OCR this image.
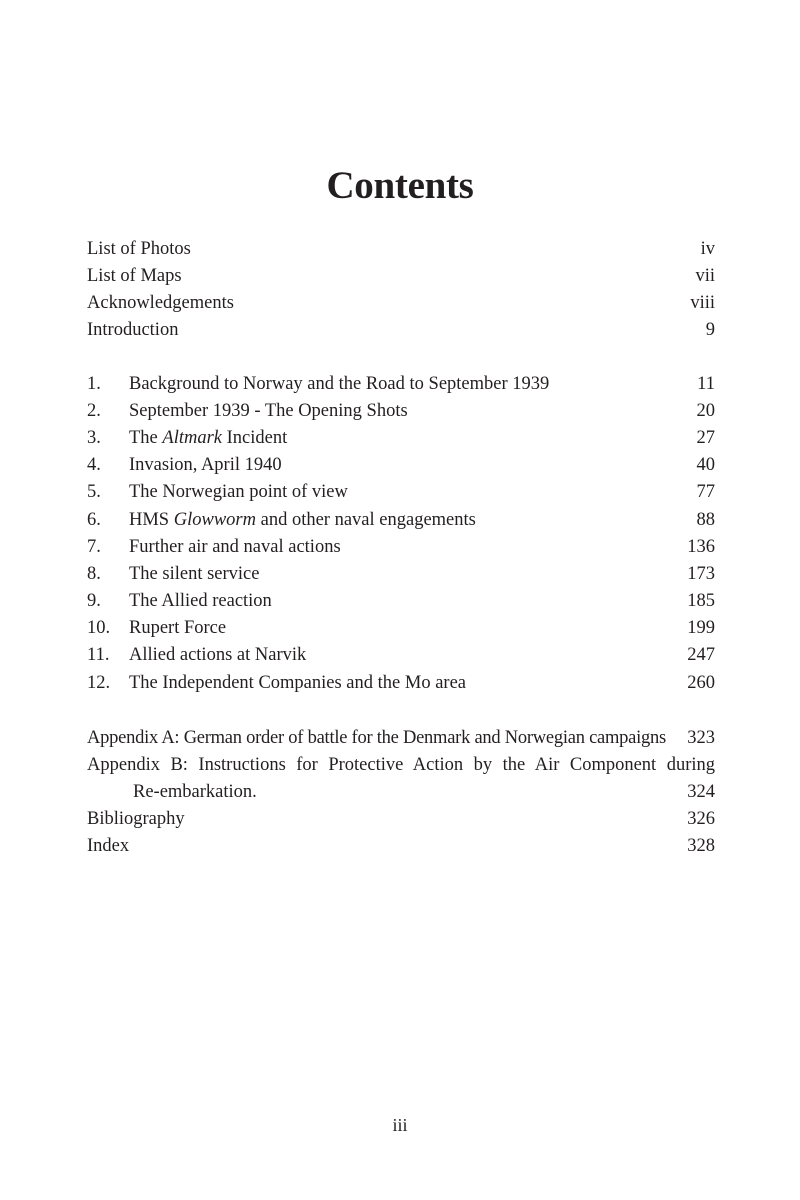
Contents
List of Photos	iv
List of Maps	vii
Acknowledgements	viii
Introduction	9
1. Background to Norway and the Road to September 1939	11
2. September 1939 - The Opening Shots	20
3. The Altmark Incident	27
4. Invasion, April 1940	40
5. The Norwegian point of view	77
6. HMS Glowworm and other naval engagements	88
7. Further air and naval actions	136
8. The silent service	173
9. The Allied reaction	185
10. Rupert Force	199
11. Allied actions at Narvik	247
12. The Independent Companies and the Mo area	260
Appendix A: German order of battle for the Denmark and Norwegian campaigns 323
Appendix B: Instructions for Protective Action by the Air Component during
Re-embarkation.	324
Bibliography	326
Index	328
iii
